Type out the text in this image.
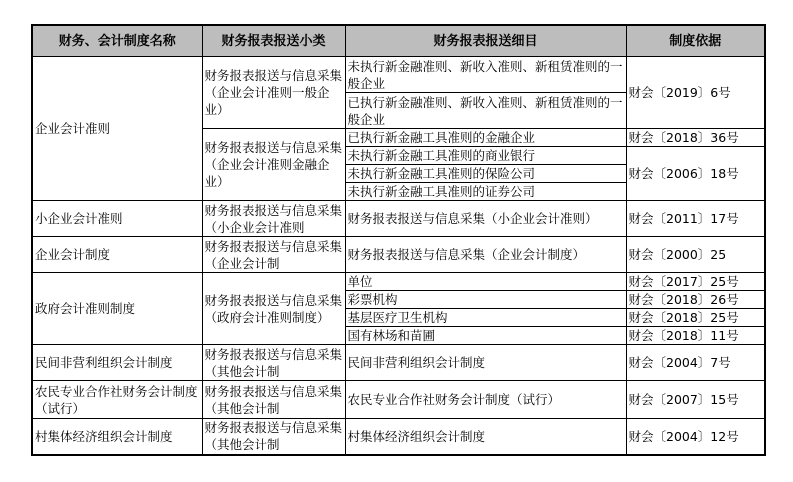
财务、会计制度名称	财务报表报送小类	财务报表报送细目	制度依据
企业会计准则	财务报表报送与信息采集（企业会计准则一般企业）	未执行新金融准则、新收入准则、新租赁准则的一般企业	财会〔2019〕6号

		已执行新金融准则、新收入准则、新租赁准则的一般企业	

	财务报表报送与信息采集（企业会计准则金融企业）	已执行新金融工具准则的金融企业	财会〔2018〕36号
		未执行新金融工具准则的商业银行	财会〔2006〕18号
		未执行新金融工具准则的保险公司	
		未执行新金融工具准则的证券公司	
小企业会计准则	财务报表报送与信息采集（小企业会计准则	财务报表报送与信息采集（小企业会计准则）	财会〔2011〕17号
企业会计制度	财务报表报送与信息采集（企业会计制	财务报表报送与信息采集（企业会计制度）	财会〔2000〕25
政府会计准则制度	财务报表报送与信息采集（政府会计准则制度）	单位	财会〔2017〕25号
		彩票机构	财会〔2018〕26号
		基层医疗卫生机构	财会〔2018〕25号
		国有林场和苗圃	财会〔2018〕11号
民间非营利组织会计制度	财务报表报送与信息采集（其他会计制	民间非营利组织会计制度	财会〔2004〕7号
农民专业合作社财务会计制度（试行）	财务报表报送与信息采集（其他会计制	农民专业合作社财务会计制度（试行）	财会〔2007〕15号
村集体经济组织会计制度	财务报表报送与信息采集（其他会计制	村集体经济组织会计制度	财会〔2004〕12号
